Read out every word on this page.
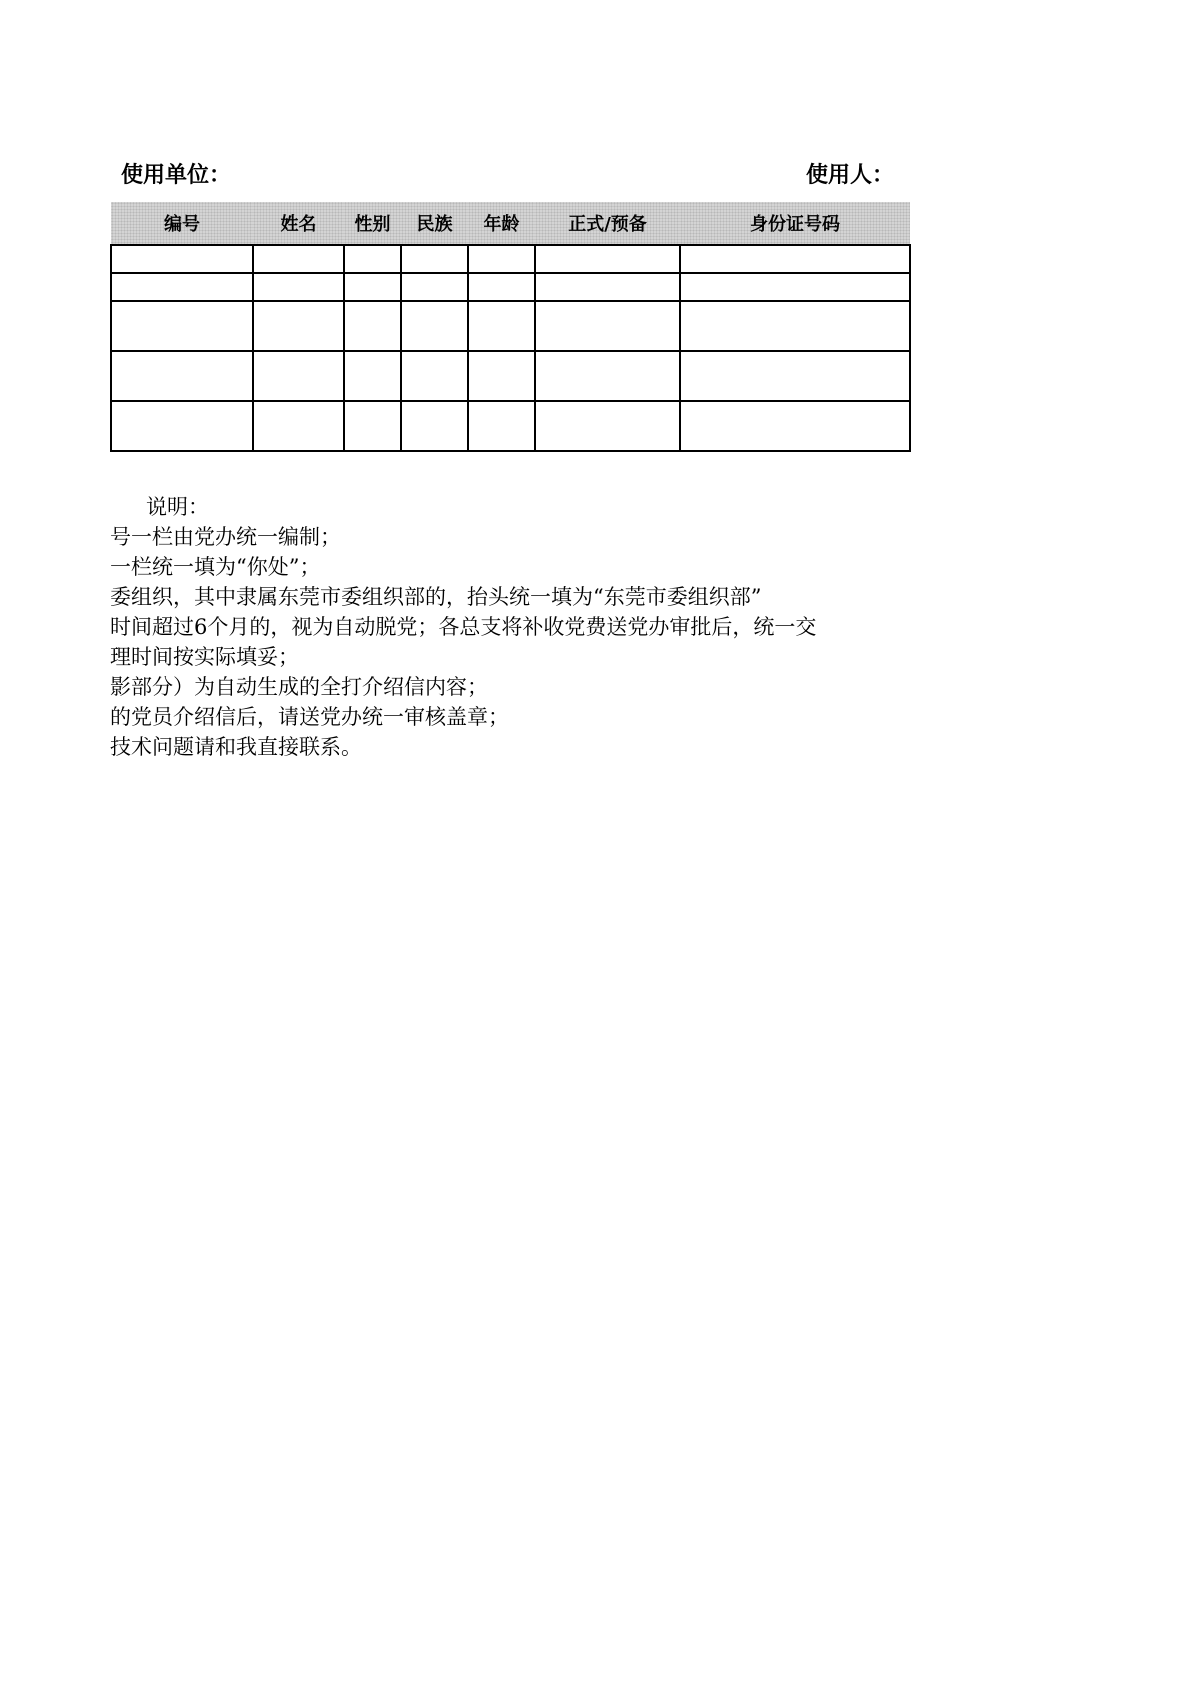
使用单位：	使用人：
编号	姓名	性别	民族	年龄	正式/预备	身份证号码

说明：
号一栏由党办统一编制；
一栏统一填为“你处”；
委组织，其中隶属东莞市委组织部的，抬头统一填为“东莞市委组织部”
时间超过6个月的，视为自动脱党；各总支将补收党费送党办审批后，统一交
理时间按实际填妥；
影部分）为自动生成的全打介绍信内容；
的党员介绍信后，请送党办统一审核盖章；
技术问题请和我直接联系。
